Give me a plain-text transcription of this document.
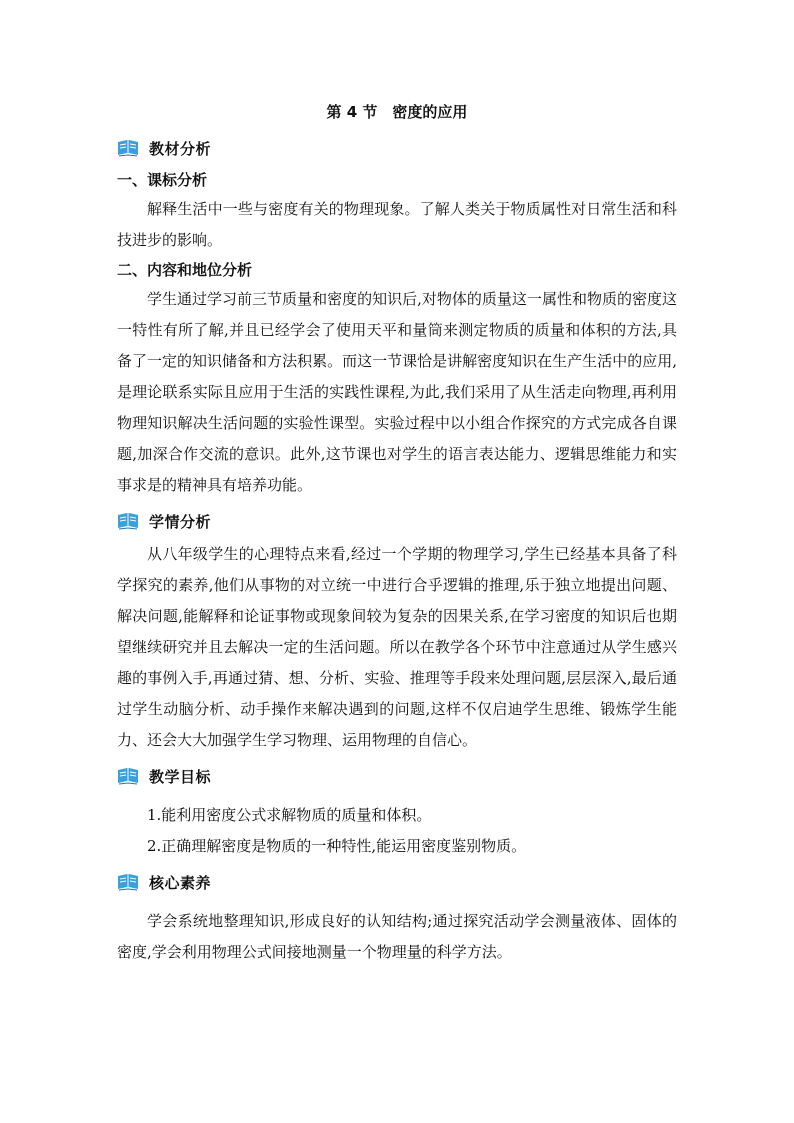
第 4 节　密度的应用
教材分析
一、课标分析

解释生活中一些与密度有关的物理现象。了解人类关于物质属性对日常生活和科技进步的影响。

二、内容和地位分析

学生通过学习前三节质量和密度的知识后,对物体的质量这一属性和物质的密度这一特性有所了解,并且已经学会了使用天平和量筒来测定物质的质量和体积的方法,具备了一定的知识储备和方法积累。而这一节课恰是讲解密度知识在生产生活中的应用,是理论联系实际且应用于生活的实践性课程,为此,我们采用了从生活走向物理,再利用物理知识解决生活问题的实验性课型。实验过程中以小组合作探究的方式完成各自课题,加深合作交流的意识。此外,这节课也对学生的语言表达能力、逻辑思维能力和实事求是的精神具有培养功能。

学情分析

从八年级学生的心理特点来看,经过一个学期的物理学习,学生已经基本具备了科学探究的素养,他们从事物的对立统一中进行合乎逻辑的推理,乐于独立地提出问题、解决问题,能解释和论证事物或现象间较为复杂的因果关系,在学习密度的知识后也期望继续研究并且去解决一定的生活问题。所以在教学各个环节中注意通过从学生感兴趣的事例入手,再通过猜、想、分析、实验、推理等手段来处理问题,层层深入,最后通过学生动脑分析、动手操作来解决遇到的问题,这样不仅启迪学生思维、锻炼学生能力、还会大大加强学生学习物理、运用物理的自信心。

教学目标

1.能利用密度公式求解物质的质量和体积。

2.正确理解密度是物质的一种特性,能运用密度鉴别物质。

核心素养

学会系统地整理知识,形成良好的认知结构;通过探究活动学会测量液体、固体的密度,学会利用物理公式间接地测量一个物理量的科学方法。
